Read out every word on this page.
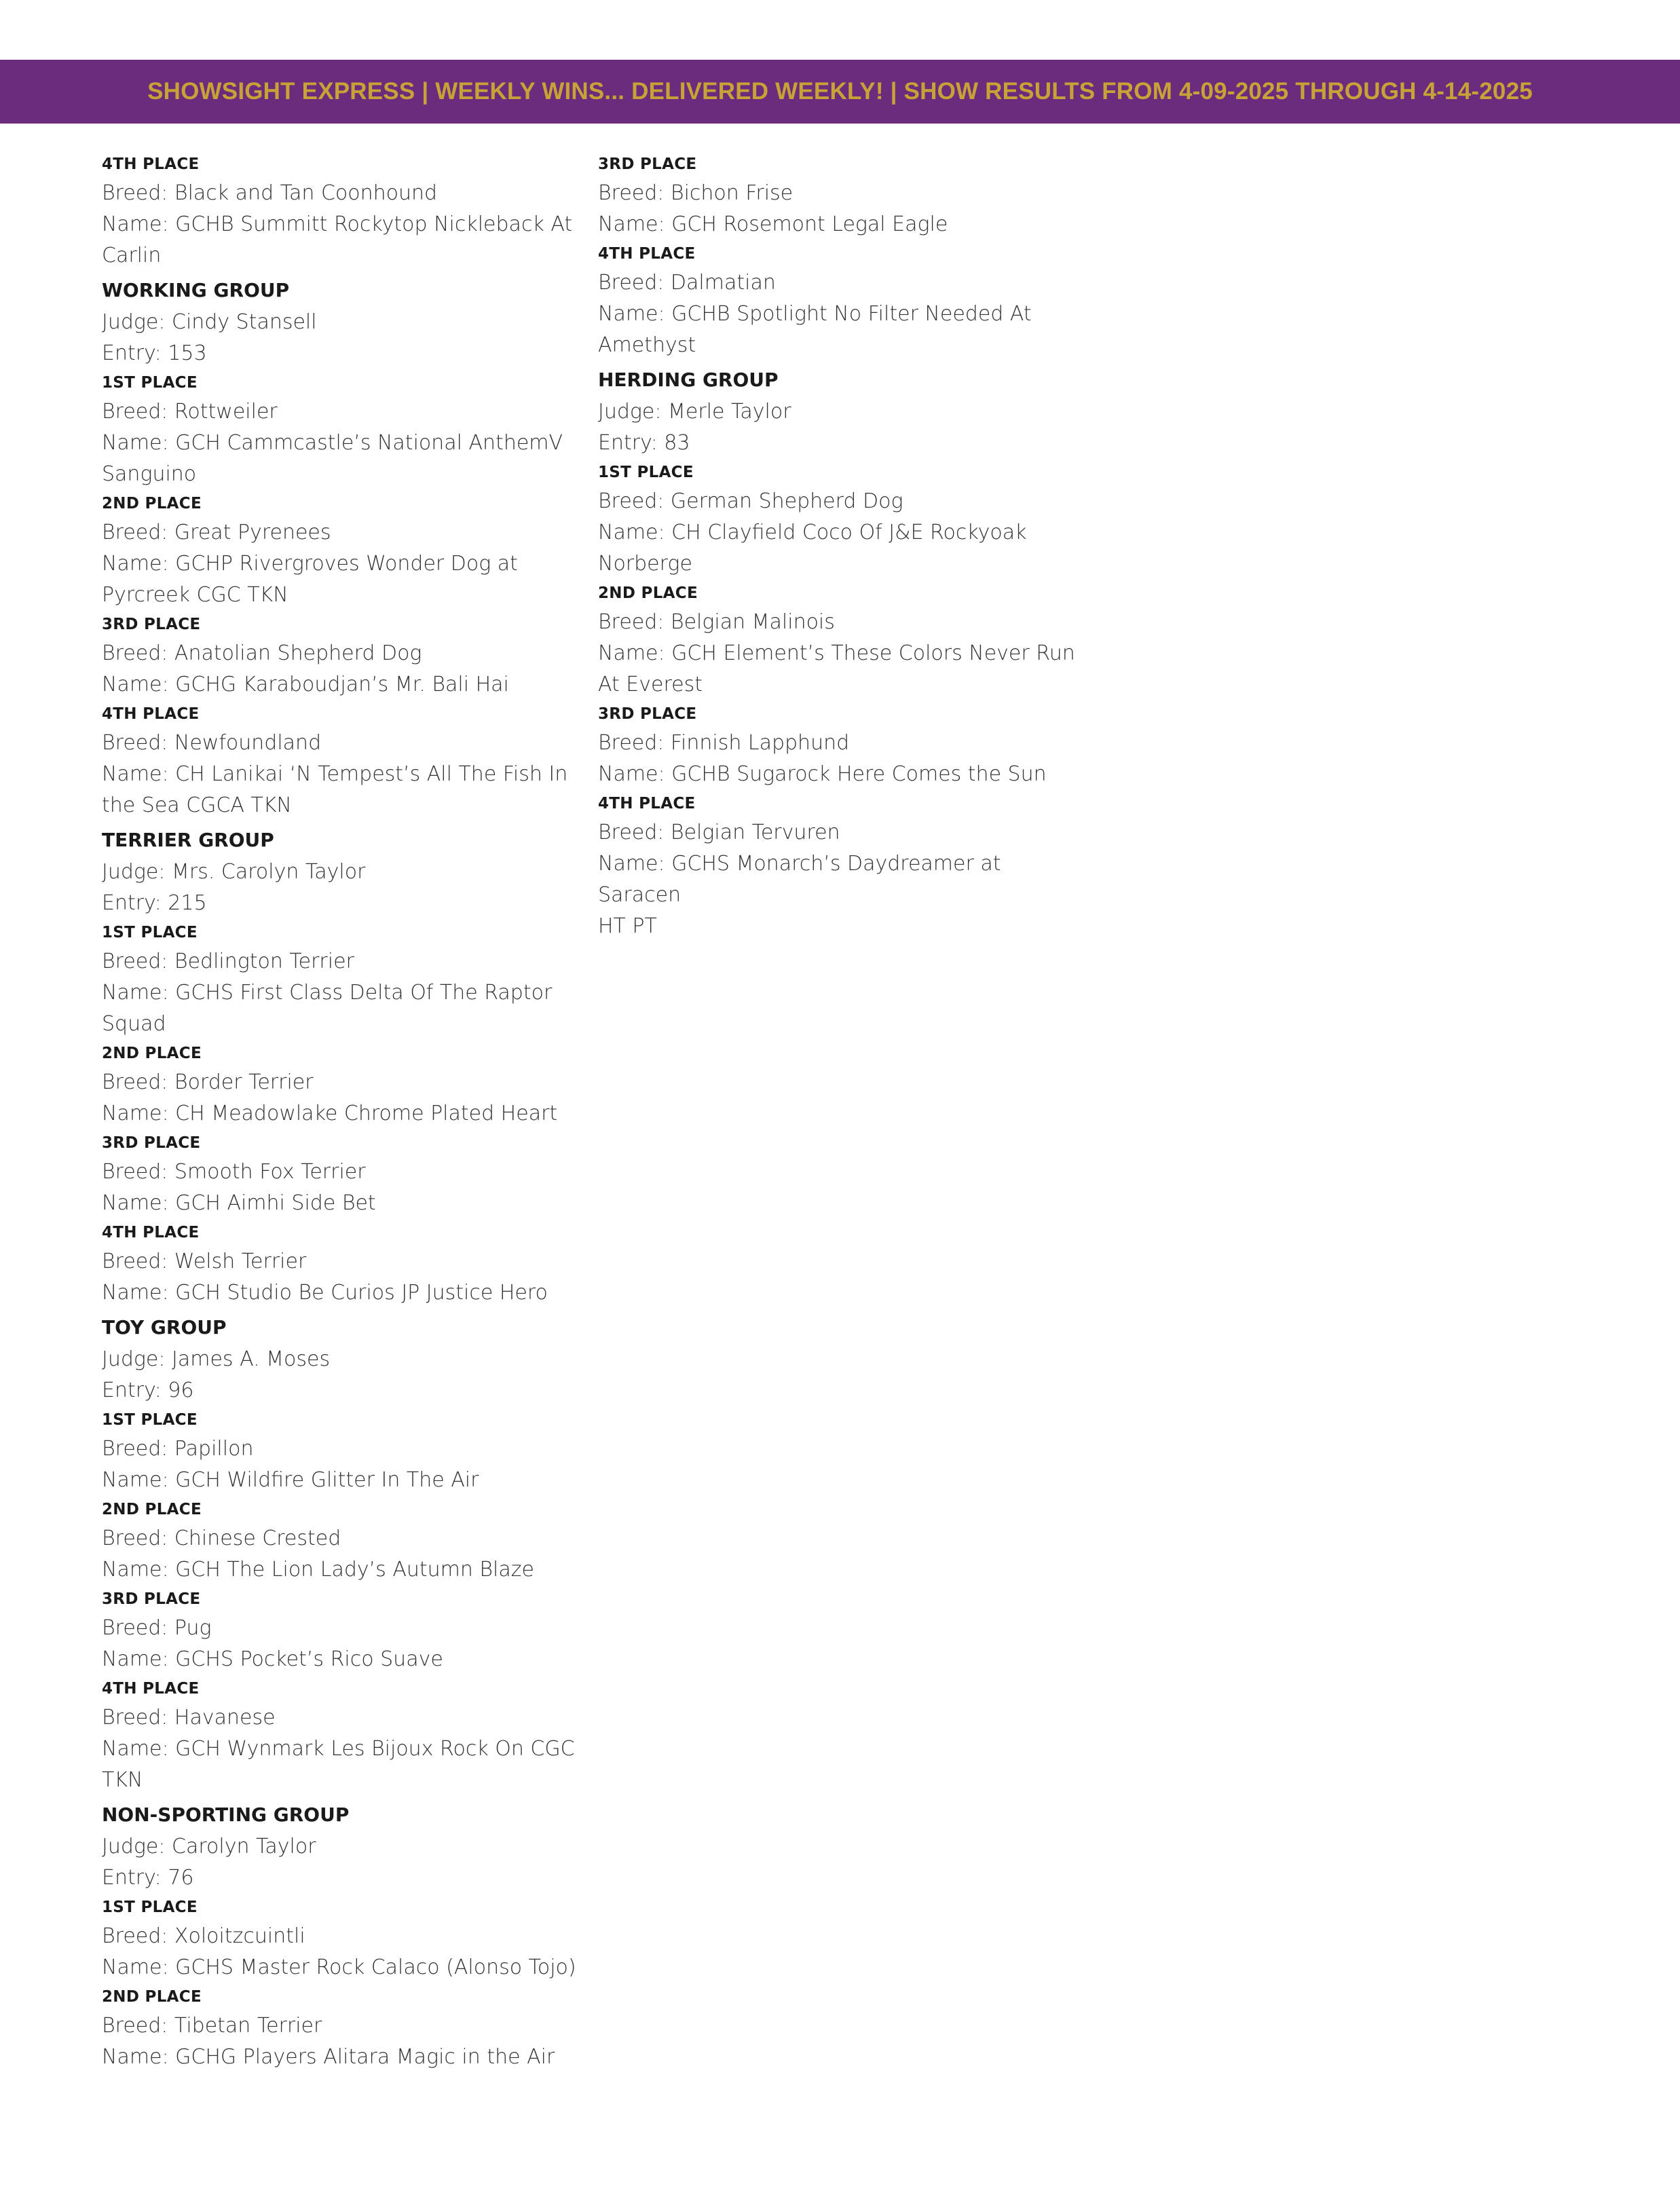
SHOWSIGHT EXPRESS | WEEKLY WINS... DELIVERED WEEKLY! | SHOW RESULTS FROM 4-09-2025 THROUGH 4-14-2025
4TH PLACE
Breed: Black and Tan Coonhound
Name: GCHB Summitt Rockytop Nickleback At
Carlin
WORKING GROUP
Judge: Cindy Stansell
Entry: 153
1ST PLACE
Breed: Rottweiler
Name: GCH Cammcastle’s National AnthemV
Sanguino
2ND PLACE
Breed: Great Pyrenees
Name: GCHP Rivergroves Wonder Dog at
Pyrcreek CGC TKN
3RD PLACE
Breed: Anatolian Shepherd Dog
Name: GCHG Karaboudjan’s Mr. Bali Hai
4TH PLACE
Breed: Newfoundland
Name: CH Lanikai ‘N Tempest’s All The Fish In
the Sea CGCA TKN
TERRIER GROUP
Judge: Mrs. Carolyn Taylor
Entry: 215
1ST PLACE
Breed: Bedlington Terrier
Name: GCHS First Class Delta Of The Raptor
Squad
2ND PLACE
Breed: Border Terrier
Name: CH Meadowlake Chrome Plated Heart
3RD PLACE
Breed: Smooth Fox Terrier
Name: GCH Aimhi Side Bet
4TH PLACE
Breed: Welsh Terrier
Name: GCH Studio Be Curios JP Justice Hero
TOY GROUP
Judge: James A. Moses
Entry: 96
1ST PLACE
Breed: Papillon
Name: GCH Wildfire Glitter In The Air
2ND PLACE
Breed: Chinese Crested
Name: GCH The Lion Lady’s Autumn Blaze
3RD PLACE
Breed: Pug
Name: GCHS Pocket’s Rico Suave
4TH PLACE
Breed: Havanese
Name: GCH Wynmark Les Bijoux Rock On CGC
TKN
NON-SPORTING GROUP
Judge: Carolyn Taylor
Entry: 76
1ST PLACE
Breed: Xoloitzcuintli
Name: GCHS Master Rock Calaco (Alonso Tojo)
2ND PLACE
Breed: Tibetan Terrier
Name: GCHG Players Alitara Magic in the Air
3RD PLACE
Breed: Bichon Frise
Name: GCH Rosemont Legal Eagle
4TH PLACE
Breed: Dalmatian
Name: GCHB Spotlight No Filter Needed At
Amethyst
HERDING GROUP
Judge: Merle Taylor
Entry: 83
1ST PLACE
Breed: German Shepherd Dog
Name: CH Clayfield Coco Of J&E Rockyoak
Norberge
2ND PLACE
Breed: Belgian Malinois
Name: GCH Element’s These Colors Never Run
At Everest
3RD PLACE
Breed: Finnish Lapphund
Name: GCHB Sugarock Here Comes the Sun
4TH PLACE
Breed: Belgian Tervuren
Name: GCHS Monarch’s Daydreamer at Saracen
HT PT
